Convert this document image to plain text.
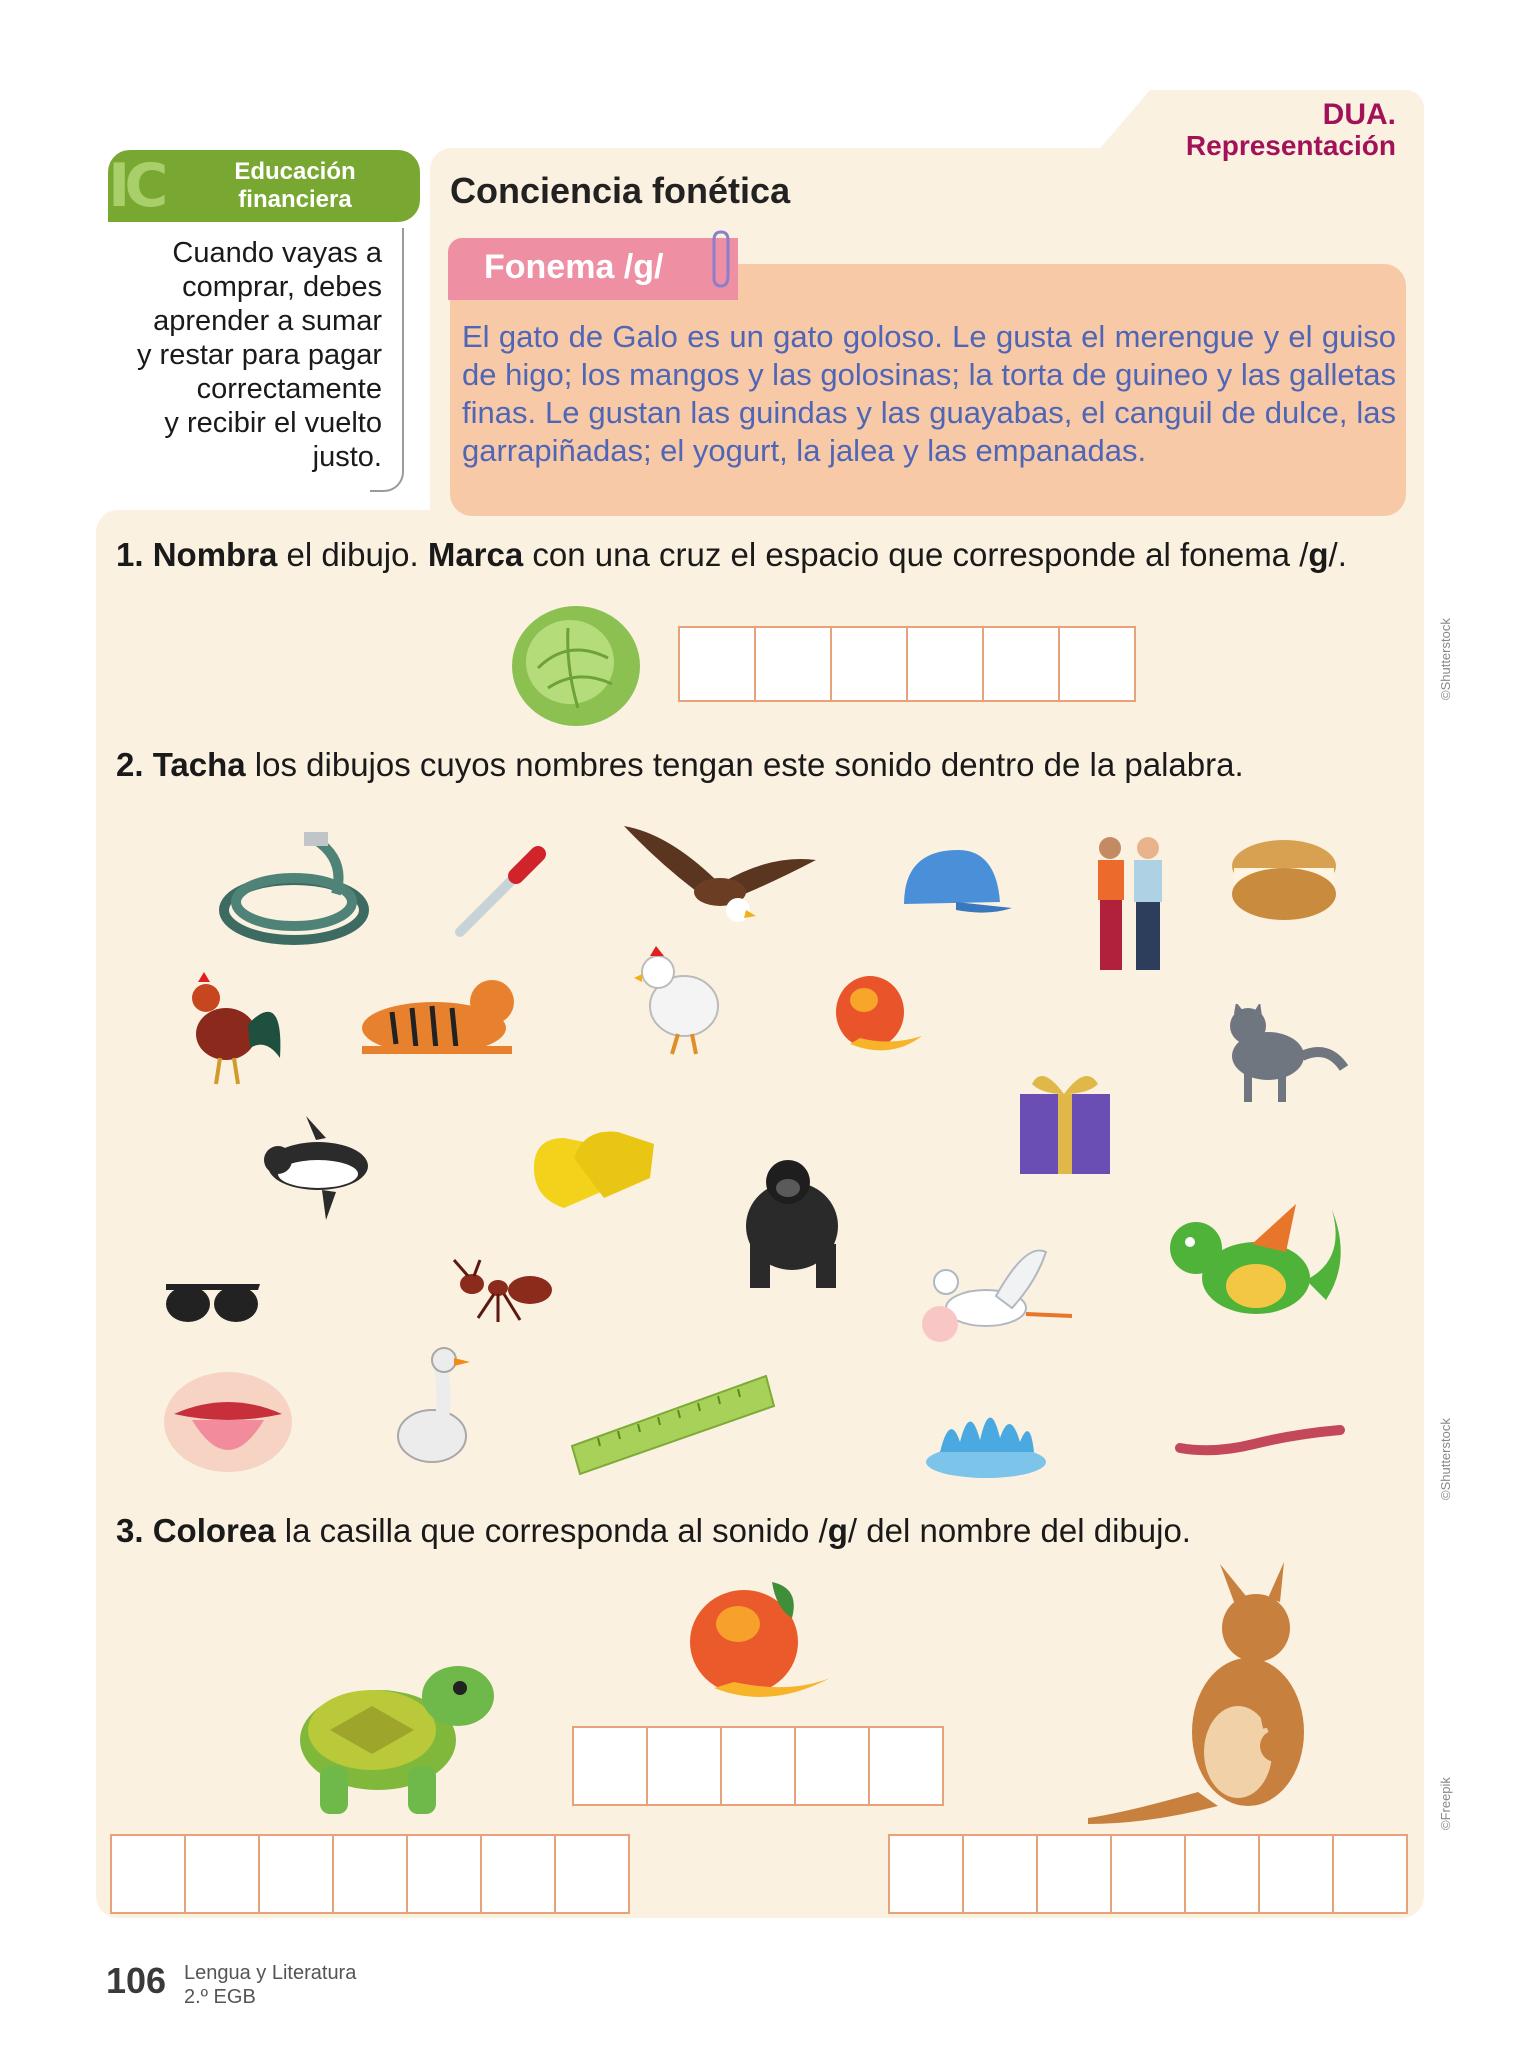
DUA.
Representación
IC	Educación
financiera
Cuando vayas a
comprar, debes
aprender a sumar
y restar para pagar
correctamente
y recibir el vuelto
justo.
Conciencia fonética
Fonema /g/
El gato de Galo es un gato goloso. Le gusta el merengue y el guiso de higo; los mangos y las golosinas; la torta de guineo y las galletas finas. Le gustan las guindas y las guayabas, el canguil de dulce, las garrapiñadas; el yogurt, la jalea y las empanadas.
1. Nombra el dibujo. Marca con una cruz el espacio que corresponde al fonema /g/.
2. Tacha los dibujos cuyos nombres tengan este sonido dentro de la palabra.
3. Colorea la casilla que corresponda al sonido /g/ del nombre del dibujo.
©Shutterstock
©Shutterstock
©Freepik
106 Lengua y Literatura
2.º EGB
